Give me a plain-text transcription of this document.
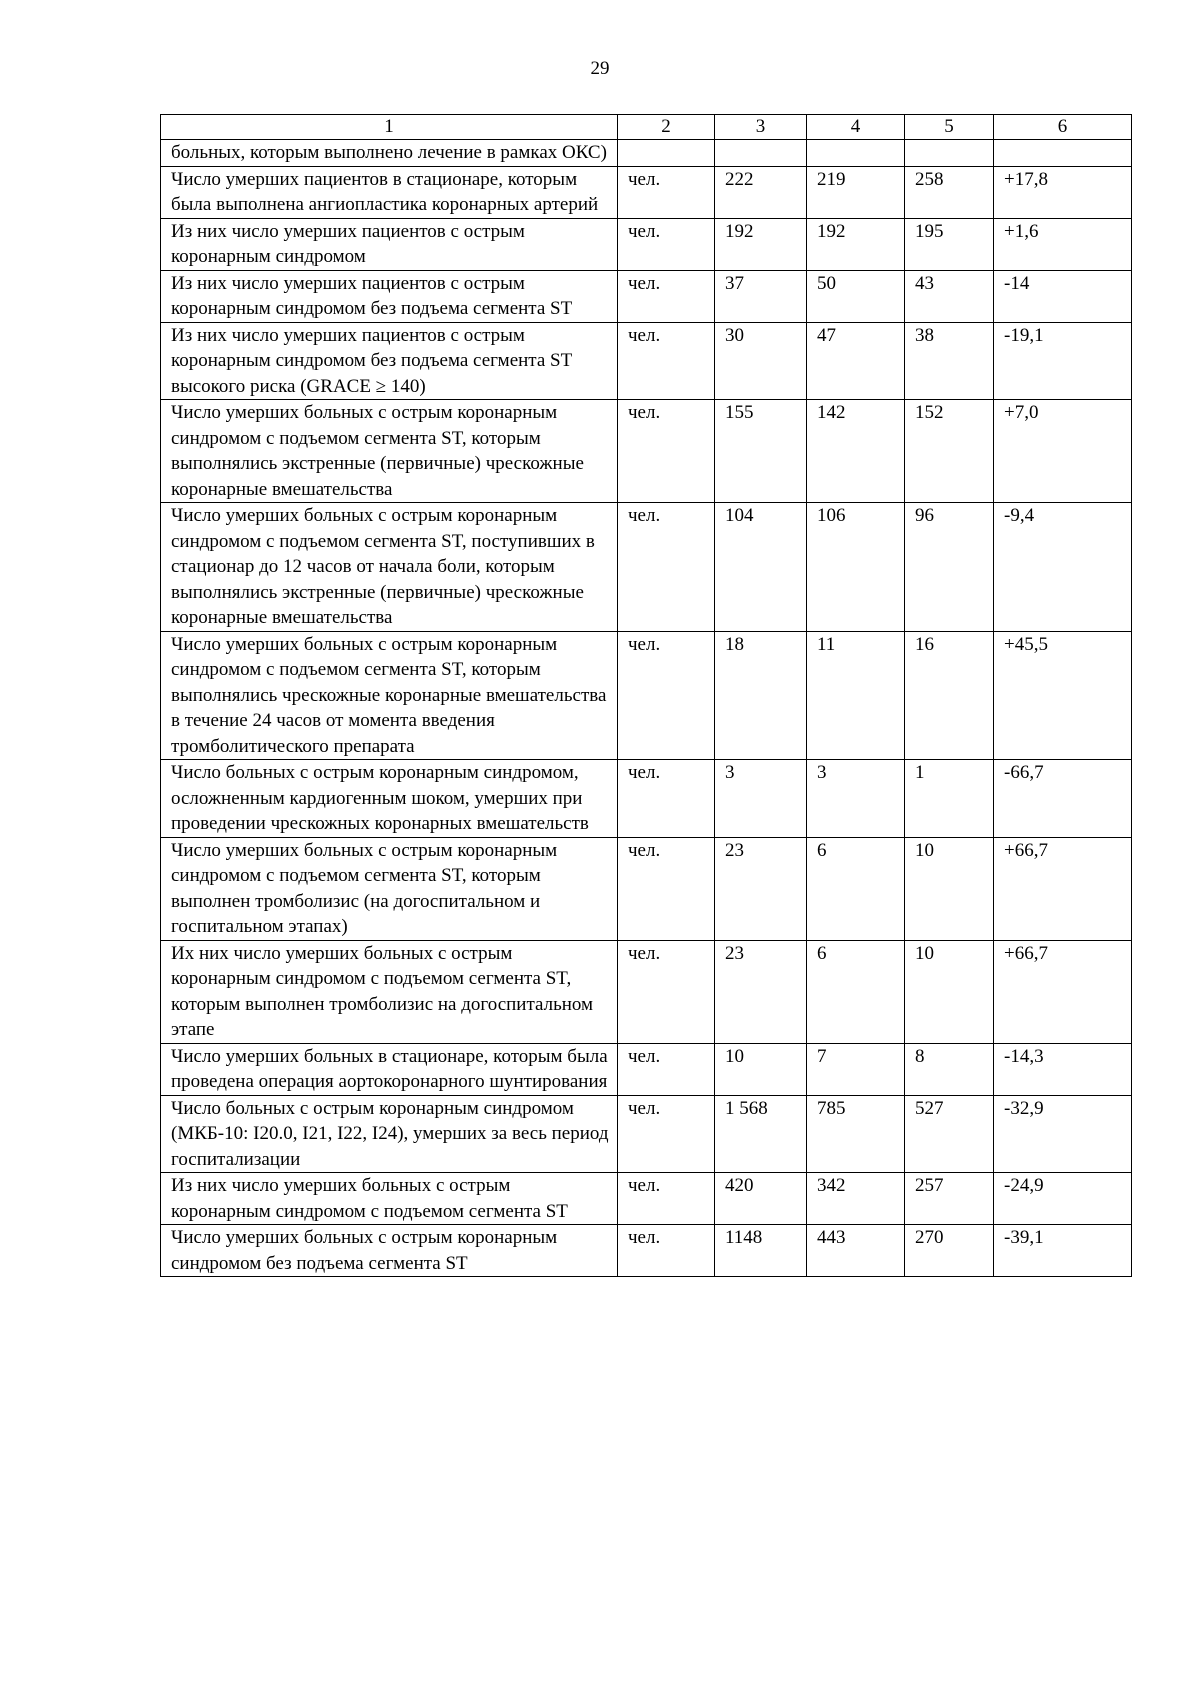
29
1	2	3	4	5	6
больных, которым выполнено лечение в рамках ОКС)					
Число умерших пациентов в стационаре, которым была выполнена ангиопластика коронарных артерий	чел.	222	219	258	+17,8
Из них число умерших пациентов с острым коронарным синдромом	чел.	192	192	195	+1,6
Из них число умерших пациентов с острым коронарным синдромом без подъема сегмента ST	чел.	37	50	43	-14
Из них число умерших пациентов с острым коронарным синдромом без подъема сегмента ST высокого риска (GRACE ≥ 140)	чел.	30	47	38	-19,1
Число умерших больных с острым коронарным синдромом с подъемом сегмента ST, которым выполнялись экстренные (первичные) чрескожные коронарные вмешательства	чел.	155	142	152	+7,0
Число умерших больных с острым коронарным синдромом с подъемом сегмента ST, поступивших в стационар до 12 часов от начала боли, которым выполнялись экстренные (первичные) чрескожные коронарные вмешательства	чел.	104	106	96	-9,4
Число умерших больных с острым коронарным синдромом с подъемом сегмента ST, которым выполнялись чрескожные коронарные вмешательства в течение 24 часов от момента введения тромболитического препарата	чел.	18	11	16	+45,5
Число больных с острым коронарным синдромом, осложненным кардиогенным шоком, умерших при проведении чрескожных коронарных вмешательств	чел.	3	3	1	-66,7
Число умерших больных с острым коронарным синдромом с подъемом сегмента ST, которым выполнен тромболизис (на догоспитальном и госпитальном этапах)	чел.	23	6	10	+66,7
Их них число умерших больных с острым коронарным синдромом с подъемом сегмента ST, которым выполнен тромболизис на догоспитальном этапе	чел.	23	6	10	+66,7
Число умерших больных в стационаре, которым была проведена операция аортокоронарного шунтирования	чел.	10	7	8	-14,3
Число больных с острым коронарным синдромом (МКБ-10: I20.0, I21, I22, I24), умерших за весь период госпитализации	чел.	1 568	785	527	-32,9
Из них число умерших больных с острым коронарным синдромом с подъемом сегмента ST	чел.	420	342	257	-24,9
Число умерших больных с острым коронарным синдромом без подъема сегмента ST	чел.	1148	443	270	-39,1
